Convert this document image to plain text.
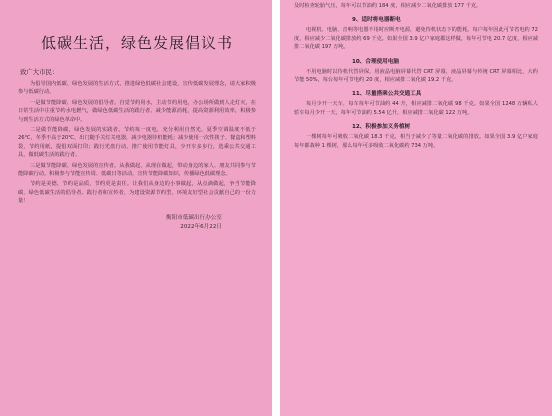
低碳生活，绿色发展倡议书
致广大市民：

为倡导国内低碳、绿色发展的生活方式，推进绿色低碳社会建设，宣传低碳发展理念，请大家积极参与低碳行动。

一是做节能降碳、绿色发展的倡导者。自觉节约用水，主动节约用电，办公场所做到人走灯灭，在日常生活中注重节约水电燃气，做绿色低碳生活的践行者、减少能源消耗，提高资源利用效率，积极参与到生活方式的绿色革命中。

二是做节能降碳、绿色发展的实践者。节约每一度电，充分利用自然光，夏季空调温度不低于26℃，冬季不高于20℃，出门随手关灯关电器，减少电器待机能耗；减少使用一次性筷子、餐盒和塑料袋，节约用纸，提倡双面打印；践行光盘行动，推广使用节能灯具，少开车多步行，选乘公共交通工具，做低碳生活的践行者。

三是做节能降碳、绿色发展的宣传者。从我做起，从现在做起，带动身边的家人、朋友共同参与节能降碳行动。积极参与节能宣传周、低碳日等活动，宣传节能降碳知识，传播绿色低碳理念。

节约是美德，节约是品质，节约更是责任。让我们从身边的小事做起，从点滴做起，争当节能降碳、绿色低碳生活的倡导者、践行者和宣传者，为建设资源节约型、环境友好型社会贡献自己的一份力量！

衡阳市低碳出行办公室
2022年6月22日

及时检查轮胎气压，每年可以节油约 184 度，相应减少二氧化碳排放 177 千克。

9、适时将电器断电

电视机、电脑、音响等电器不用时应断开电源，避免待机状态下的能耗。每户每年因此可节省电约 72 度，相应减少二氧化碳排放约 69 千克。如果全国 3.9 亿户家庭都这样做，每年可节电 20.7 亿度，相应减排二氧化碳 197 万吨。

10、合理使用电脑

不用电脑时以待机代替屏保，用液晶电脑屏幕代替 CRT 屏幕，液晶屏幕与传统 CRT 屏幕相比，大约节能 50%，每台每年可节电约 20 度，相应减排二氧化碳 19.2 千克。

11、尽量搭乘公共交通工具

每月少开一天车，每车每年可节油约 44 升，相应减排二氧化碳 98 千克。如果全国 1248 万辆私人轿车每月少开一天，每年可节油约 5.54 亿升，相应减排二氧化碳 122 万吨。

12、积极参加义务植树

一棵树每年可吸收二氧化碳 18.3 千克，相当于减少了等量二氧化碳的排放。如果全国 3.9 亿户家庭每年都栽种 1 棵树，那么每年可多吸收二氧化碳约 734 万吨。
